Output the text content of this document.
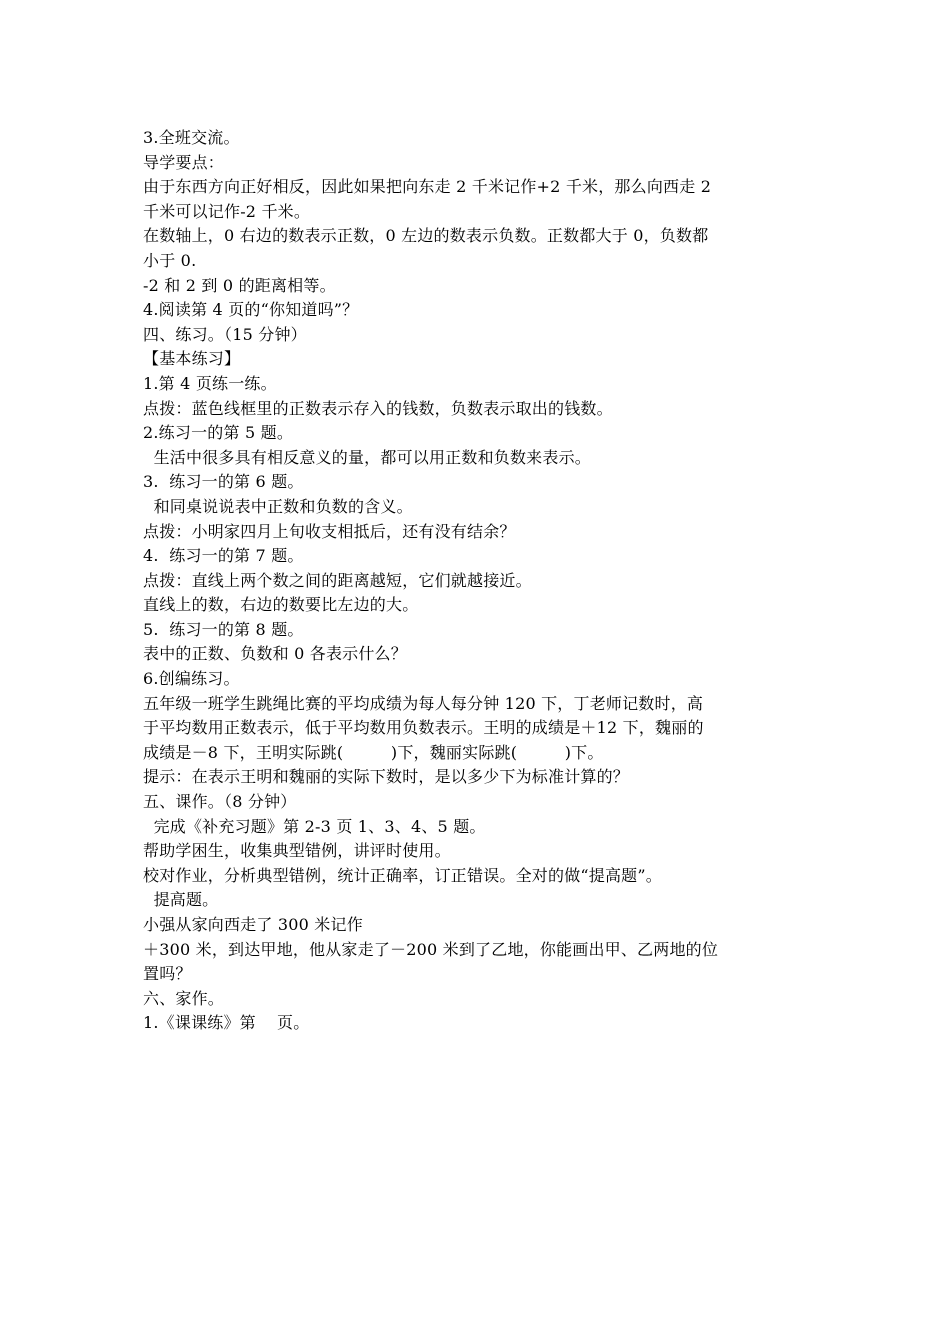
3.全班交流。

导学要点：

由于东西方向正好相反，因此如果把向东走 2 千米记作+2 千米，那么向西走 2

千米可以记作-2 千米。

在数轴上，0 右边的数表示正数，0 左边的数表示负数。正数都大于 0，负数都

小于 0.

-2 和 2 到 0 的距离相等。

4.阅读第 4 页的“你知道吗”？

四、练习。（15 分钟）

【基本练习】

1.第 4 页练一练。

点拨：蓝色线框里的正数表示存入的钱数，负数表示取出的钱数。

2.练习一的第 5 题。

生活中很多具有相反意义的量，都可以用正数和负数来表示。

3.  练习一的第 6 题。

和同桌说说表中正数和负数的含义。

点拨：小明家四月上旬收支相抵后，还有没有结余？

4.  练习一的第 7 题。

点拨：直线上两个数之间的距离越短，它们就越接近。

直线上的数，右边的数要比左边的大。

5.  练习一的第 8 题。

表中的正数、负数和 0 各表示什么？

6.创编练习。

五年级一班学生跳绳比赛的平均成绩为每人每分钟 120 下，丁老师记数时，高

于平均数用正数表示，低于平均数用负数表示。王明的成绩是＋12 下，魏丽的

成绩是－8 下，王明实际跳(         )下，魏丽实际跳(         )下。

提示：在表示王明和魏丽的实际下数时，是以多少下为标准计算的？

五、课作。（8 分钟）

完成《补充习题》第 2-3 页 1、3、4、5 题。

帮助学困生，收集典型错例，讲评时使用。

校对作业，分析典型错例，统计正确率，订正错误。全对的做“提高题”。

提高题。

小强从家向西走了 300 米记作

＋300 米，到达甲地，他从家走了－200 米到了乙地，你能画出甲、乙两地的位

置吗？

六、家作。

1.《课课练》第    页。
